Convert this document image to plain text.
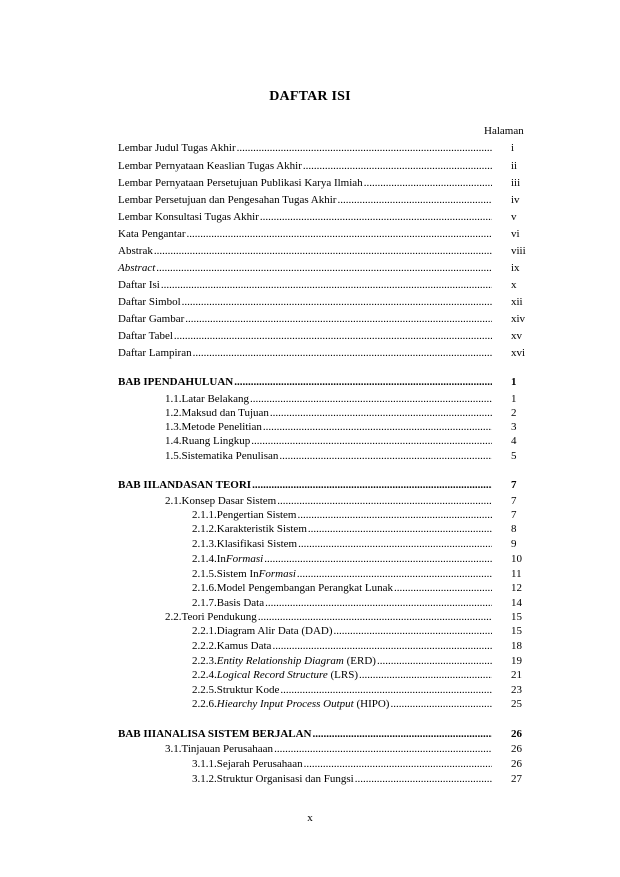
DAFTAR ISI
Halaman
Lembar Judul Tugas Akhir .....	i
Lembar Pernyataan Keaslian Tugas Akhir .....	ii
Lembar Pernyataan Persetujuan Publikasi Karya Ilmiah .....	iii
Lembar Persetujuan dan Pengesahan Tugas Akhir .....	iv
Lembar Konsultasi Tugas Akhir .....	v
Kata Pengantar .....	vi
Abstrak .....	viii
Abstract .....	ix
Daftar Isi .....	x
Daftar Simbol .....	xii
Daftar Gambar .....	xiv
Daftar Tabel .....	xv
Daftar Lampiran .....	xvi
BAB I PENDAHULUAN .....	1
1.1. Latar Belakang .....	1
1.2. Maksud dan Tujuan .....	2
1.3. Metode Penelitian .....	3
1.4. Ruang Lingkup .....	4
1.5. Sistematika Penulisan .....	5
BAB II LANDASAN TEORI .....	7
2.1. Konsep Dasar Sistem .....	7
2.1.1. Pengertian Sistem .....	7
2.1.2. Karakteristik Sistem .....	8
2.1.3. Klasifikasi Sistem .....	9
2.1.4. InFormasi .....	10
2.1.5. Sistem InFormasi .....	11
2.1.6. Model Pengembangan Perangkat Lunak .....	12
2.1.7. Basis Data .....	14
2.2. Teori Pendukung .....	15
2.2.1. Diagram Alir Data (DAD) .....	15
2.2.2. Kamus Data .....	18
2.2.3. Entity Relationship Diagram (ERD) .....	19
2.2.4. Logical Record Structure (LRS) .....	21
2.2.5. Struktur Kode .....	23
2.2.6. Hiearchy Input Process Output (HIPO) .....	25
BAB III ANALISA SISTEM BERJALAN .....	26
3.1. Tinjauan Perusahaan .....	26
3.1.1. Sejarah Perusahaan .....	26
3.1.2. Struktur Organisasi dan Fungsi .....	27
x
